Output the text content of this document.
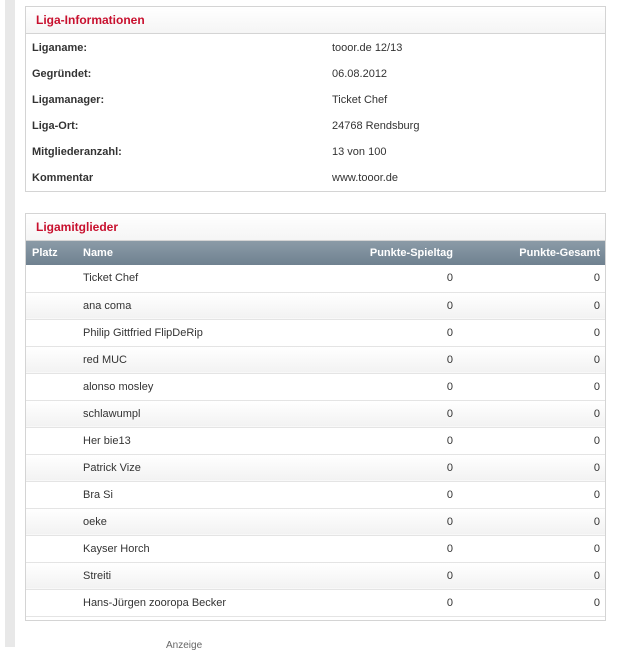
Liga-Informationen
Liganame:	tooor.de 12/13
Gegründet:	06.08.2012
Ligamanager:	Ticket Chef
Liga-Ort:	24768 Rendsburg
Mitgliederanzahl:	13 von 100
Kommentar	www.tooor.de
Ligamitglieder
Platz	Name	Punkte-Spieltag	Punkte-Gesamt
	Ticket Chef	0	0
	ana coma	0	0
	Philip Gittfried FlipDeRip	0	0
	red MUC	0	0
	alonso mosley	0	0
	schlawumpl	0	0
	Her bie13	0	0
	Patrick Vize	0	0
	Bra Si	0	0
	oeke	0	0
	Kayser Horch	0	0
	Streiti	0	0
	Hans-Jürgen zooropa Becker	0	0
Anzeige
